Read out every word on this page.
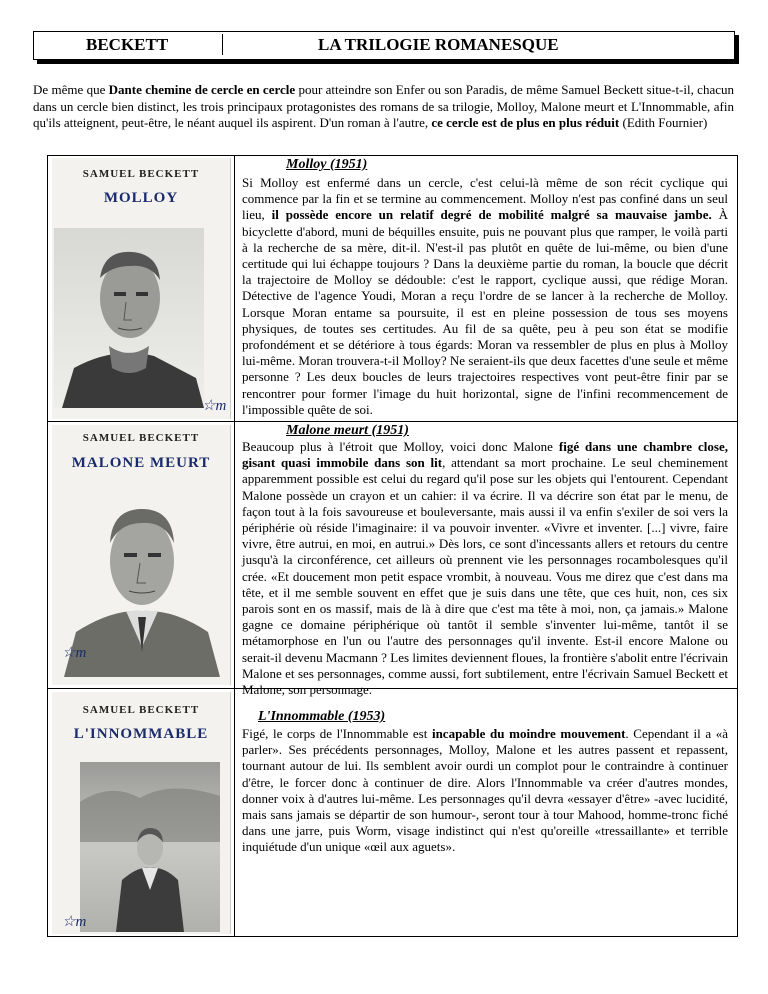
BECKETT	LA TRILOGIE ROMANESQUE
De même que Dante chemine de cercle en cercle pour atteindre son Enfer ou son Paradis, de même Samuel Beckett situe-t-il, chacun dans un cercle bien distinct, les trois principaux protagonistes des romans de sa trilogie, Molloy, Malone meurt et L'Innommable, afin qu'ils atteignent, peut-être, le néant auquel ils aspirent. D'un roman à l'autre, ce cercle est de plus en plus réduit (Edith Fournier)
SAMUEL BECKETT
MOLLOY
☆m
Molloy (1951)
Si Molloy est enfermé dans un cercle, c'est celui-là même de son récit cyclique qui commence par la fin et se termine au commencement. Molloy n'est pas confiné dans un seul lieu, il possède encore un relatif degré de mobilité malgré sa mauvaise jambe. À bicyclette d'abord, muni de béquilles ensuite, puis ne pouvant plus que ramper, le voilà parti à la recherche de sa mère, dit-il. N'est-il pas plutôt en quête de lui-même, ou bien d'une certitude qui lui échappe toujours ? Dans la deuxième partie du roman, la boucle que décrit la trajectoire de Molloy se dédouble: c'est le rapport, cyclique aussi, que rédige Moran. Détective de l'agence Youdi, Moran a reçu l'ordre de se lancer à la recherche de Molloy. Lorsque Moran entame sa poursuite, il est en pleine possession de tous ses moyens physiques, de toutes ses certitudes. Au fil de sa quête, peu à peu son état se modifie profondément et se détériore à tous égards: Moran va ressembler de plus en plus à Molloy lui-même. Moran trouvera-t-il Molloy? Ne seraient-ils que deux facettes d'une seule et même personne ? Les deux boucles de leurs trajectoires respectives vont peut-être finir par se rencontrer pour former l'image du huit horizontal, signe de l'infini recommencement de l'impossible quête de soi.
SAMUEL BECKETT
MALONE MEURT
☆m
Malone meurt (1951)
Beaucoup plus à l'étroit que Molloy, voici donc Malone figé dans une chambre close, gisant quasi immobile dans son lit, attendant sa mort prochaine. Le seul cheminement apparemment possible est celui du regard qu'il pose sur les objets qui l'entourent. Cependant Malone possède un crayon et un cahier: il va écrire. Il va décrire son état par le menu, de façon tout à la fois savoureuse et bouleversante, mais aussi il va enfin s'exiler de soi vers la périphérie où réside l'imaginaire: il va pouvoir inventer. «Vivre et inventer. [...] vivre, faire vivre, être autrui, en moi, en autrui.» Dès lors, ce sont d'incessants allers et retours du centre jusqu'à la circonférence, cet ailleurs où prennent vie les personnages rocambolesques qu'il crée. «Et doucement mon petit espace vrombit, à nouveau. Vous me direz que c'est dans ma tête, et il me semble souvent en effet que je suis dans une tête, que ces huit, non, ces six parois sont en os massif, mais de là à dire que c'est ma tête à moi, non, ça jamais.» Malone gagne ce domaine périphérique où tantôt il semble s'inventer lui-même, tantôt il se métamorphose en l'un ou l'autre des personnages qu'il invente. Est-il encore Malone ou serait-il devenu Macmann ? Les limites deviennent floues, la frontière s'abolit entre l'écrivain Malone et ses personnages, comme aussi, fort subtilement, entre l'écrivain Samuel Beckett et Malone, son personnage.
SAMUEL BECKETT
L'INNOMMABLE
☆m
L'Innommable (1953)
Figé, le corps de l'Innommable est incapable du moindre mouvement. Cependant il a «à parler». Ses précédents personnages, Molloy, Malone et les autres passent et repassent, tournant autour de lui. Ils semblent avoir ourdi un complot pour le contraindre à continuer d'être, le forcer donc à continuer de dire. Alors l'Innommable va créer d'autres mondes, donner voix à d'autres lui-même. Les personnages qu'il devra «essayer d'être» -avec lucidité, mais sans jamais se départir de son humour-, seront tour à tour Mahood, homme-tronc fiché dans une jarre, puis Worm, visage indistinct qui n'est qu'oreille «tressaillante» et terrible inquiétude d'un unique «œil aux aguets».
